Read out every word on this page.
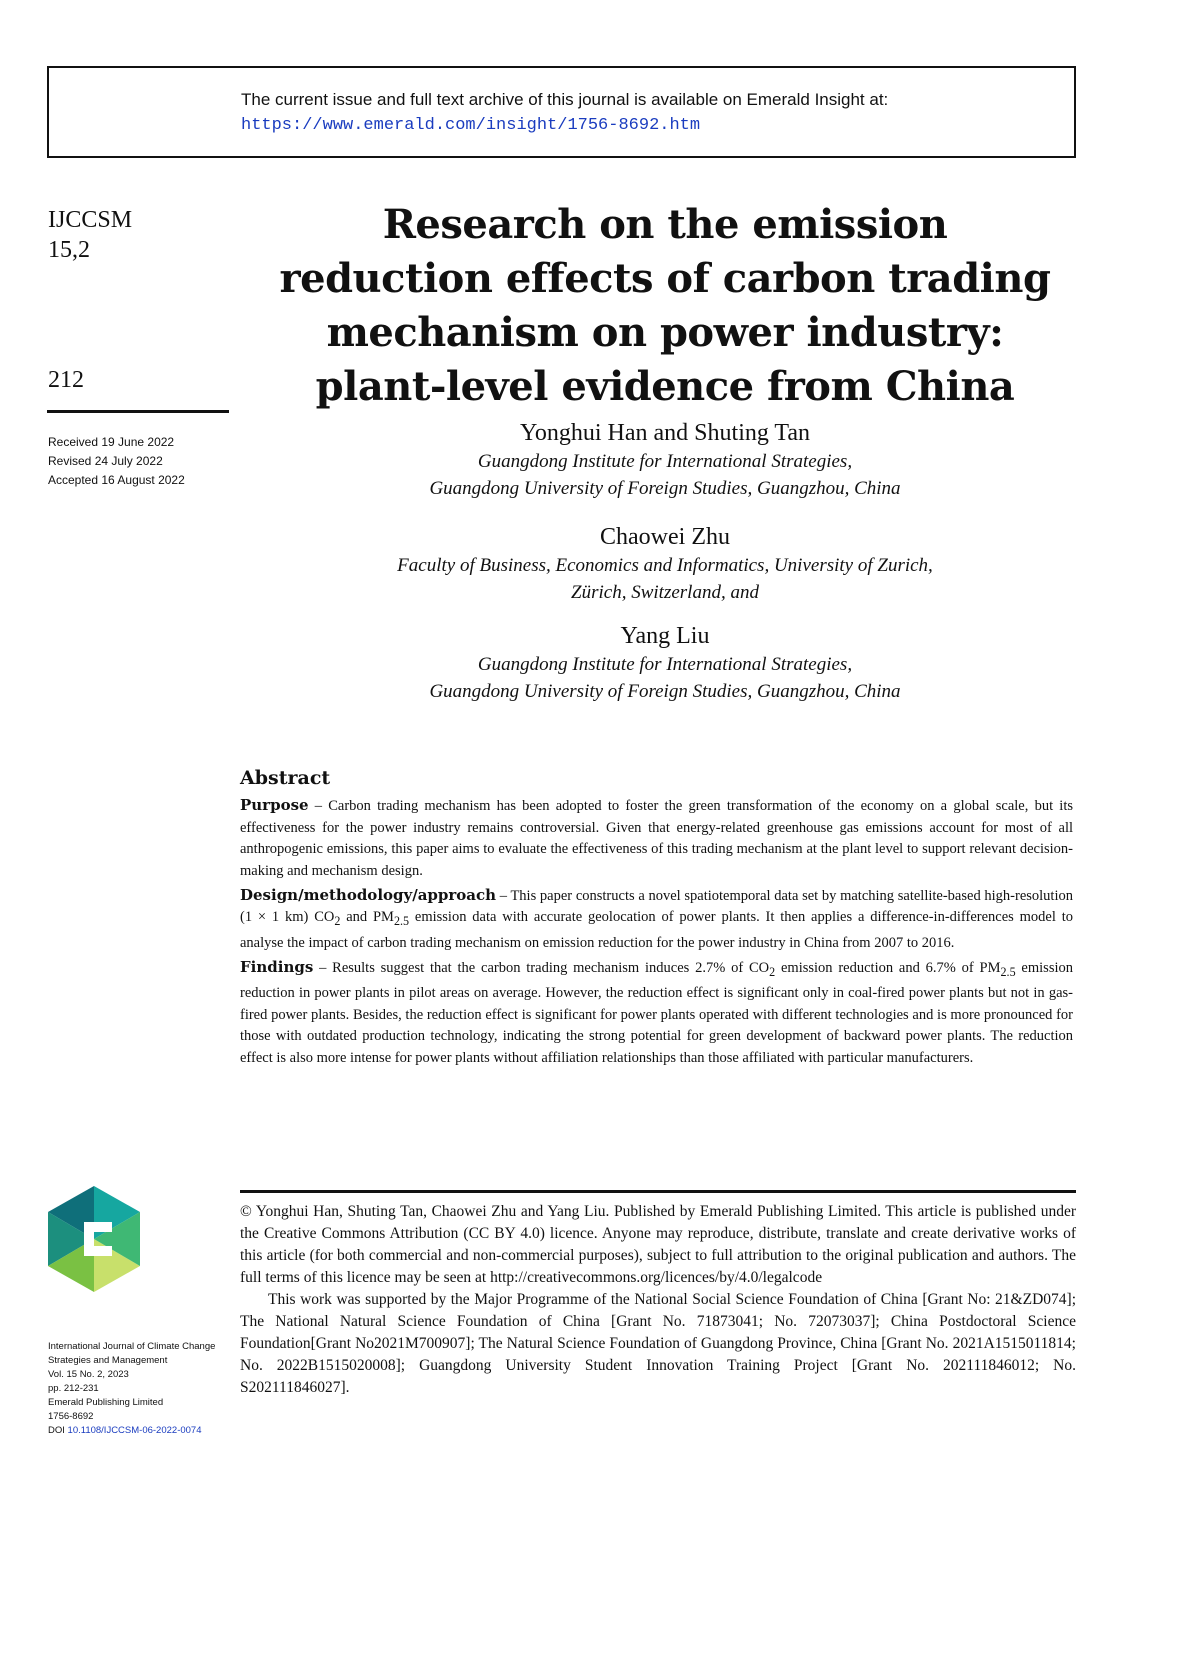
The current issue and full text archive of this journal is available on Emerald Insight at:
https://www.emerald.com/insight/1756-8692.htm
IJCCSM
15,2
212
Received 19 June 2022
Revised 24 July 2022
Accepted 16 August 2022
Research on the emission
reduction effects of carbon trading
mechanism on power industry:
plant-level evidence from China
Yonghui Han and Shuting Tan
Guangdong Institute for International Strategies,
Guangdong University of Foreign Studies, Guangzhou, China
Chaowei Zhu
Faculty of Business, Economics and Informatics, University of Zurich,
Zürich, Switzerland, and
Yang Liu
Guangdong Institute for International Strategies,
Guangdong University of Foreign Studies, Guangzhou, China
Abstract

Purpose – Carbon trading mechanism has been adopted to foster the green transformation of the economy on a global scale, but its effectiveness for the power industry remains controversial. Given that energy-related greenhouse gas emissions account for most of all anthropogenic emissions, this paper aims to evaluate the effectiveness of this trading mechanism at the plant level to support relevant decision-making and mechanism design.

Design/methodology/approach – This paper constructs a novel spatiotemporal data set by matching satellite-based high-resolution (1 × 1 km) $CO_2$ and $PM_{2.5}$ emission data with accurate geolocation of power plants. It then applies a difference-in-differences model to analyse the impact of carbon trading mechanism on emission reduction for the power industry in China from 2007 to 2016.

Findings – Results suggest that the carbon trading mechanism induces 2.7% of $CO_2$ emission reduction and 6.7% of $PM_{2.5}$ emission reduction in power plants in pilot areas on average. However, the reduction effect is significant only in coal-fired power plants but not in gas-fired power plants. Besides, the reduction effect is significant for power plants operated with different technologies and is more pronounced for those with outdated production technology, indicating the strong potential for green development of backward power plants. The reduction effect is also more intense for power plants without affiliation relationships than those affiliated with particular manufacturers.

© Yonghui Han, Shuting Tan, Chaowei Zhu and Yang Liu. Published by Emerald Publishing Limited. This article is published under the Creative Commons Attribution (CC BY 4.0) licence. Anyone may reproduce, distribute, translate and create derivative works of this article (for both commercial and non-commercial purposes), subject to full attribution to the original publication and authors. The full terms of this licence may be seen at http://creativecommons.org/licences/by/4.0/legalcode

This work was supported by the Major Programme of the National Social Science Foundation of China [Grant No: 21&ZD074]; The National Natural Science Foundation of China [Grant No. 71873041; No. 72073037]; China Postdoctoral Science Foundation[Grant No2021M700907]; The Natural Science Foundation of Guangdong Province, China [Grant No. 2021A1515011814; No. 2022B1515020008]; Guangdong University Student Innovation Training Project [Grant No. 202111846012; No. S202111846027].

International Journal of Climate Change Strategies and Management
Vol. 15 No. 2, 2023
pp. 212-231
Emerald Publishing Limited
1756-8692
DOI 10.1108/IJCCSM-06-2022-0074
